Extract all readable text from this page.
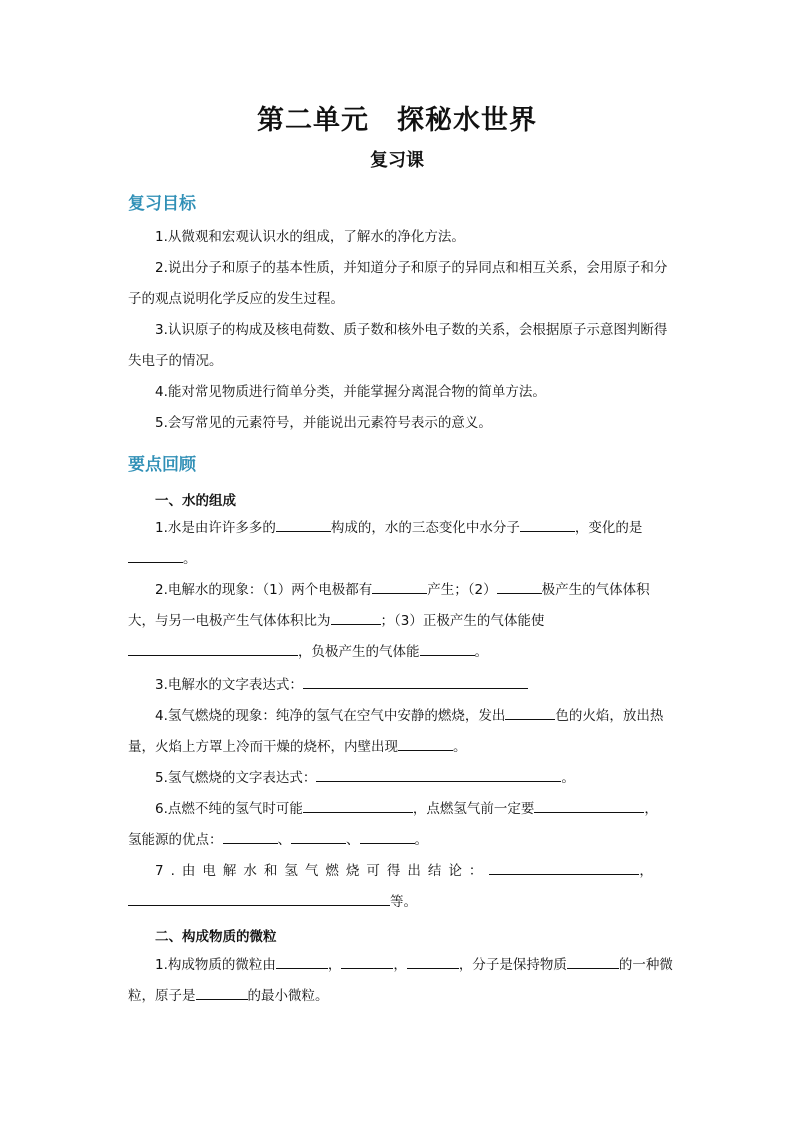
第二单元　探秘水世界
复习课
复习目标
1.从微观和宏观认识水的组成，了解水的净化方法。
2.说出分子和原子的基本性质，并知道分子和原子的异同点和相互关系，会用原子和分子的观点说明化学反应的发生过程。
3.认识原子的构成及核电荷数、质子数和核外电子数的关系，会根据原子示意图判断得失电子的情况。
4.能对常见物质进行简单分类，并能掌握分离混合物的简单方法。
5.会写常见的元素符号，并能说出元素符号表示的意义。
要点回顾
一、水的组成
1.水是由许许多多的	构成的，水的三态变化中水分子	，变化的是
。
2.电解水的现象：（1）两个电极都有	产生；（2）	极产生的气体体积大，与另一电极产生气体体积比为	；（3）正极产生的气体能使
，负极产生的气体能	。
3.电解水的文字表达式：
4.氢气燃烧的现象：纯净的氢气在空气中安静的燃烧，发出	色的火焰，放出热量，火焰上方罩上冷而干燥的烧杯，内壁出现	。
5.氢气燃烧的文字表达式：	。
6.点燃不纯的氢气时可能	，点燃氢气前一定要	，
氢能源的优点：	、	、	。
7.由电解水和氢气燃烧可得出结论：	，
等。
二、构成物质的微粒
1.构成物质的微粒由	，	，	，分子是保持物质	的一种微粒，原子是	的最小微粒。
